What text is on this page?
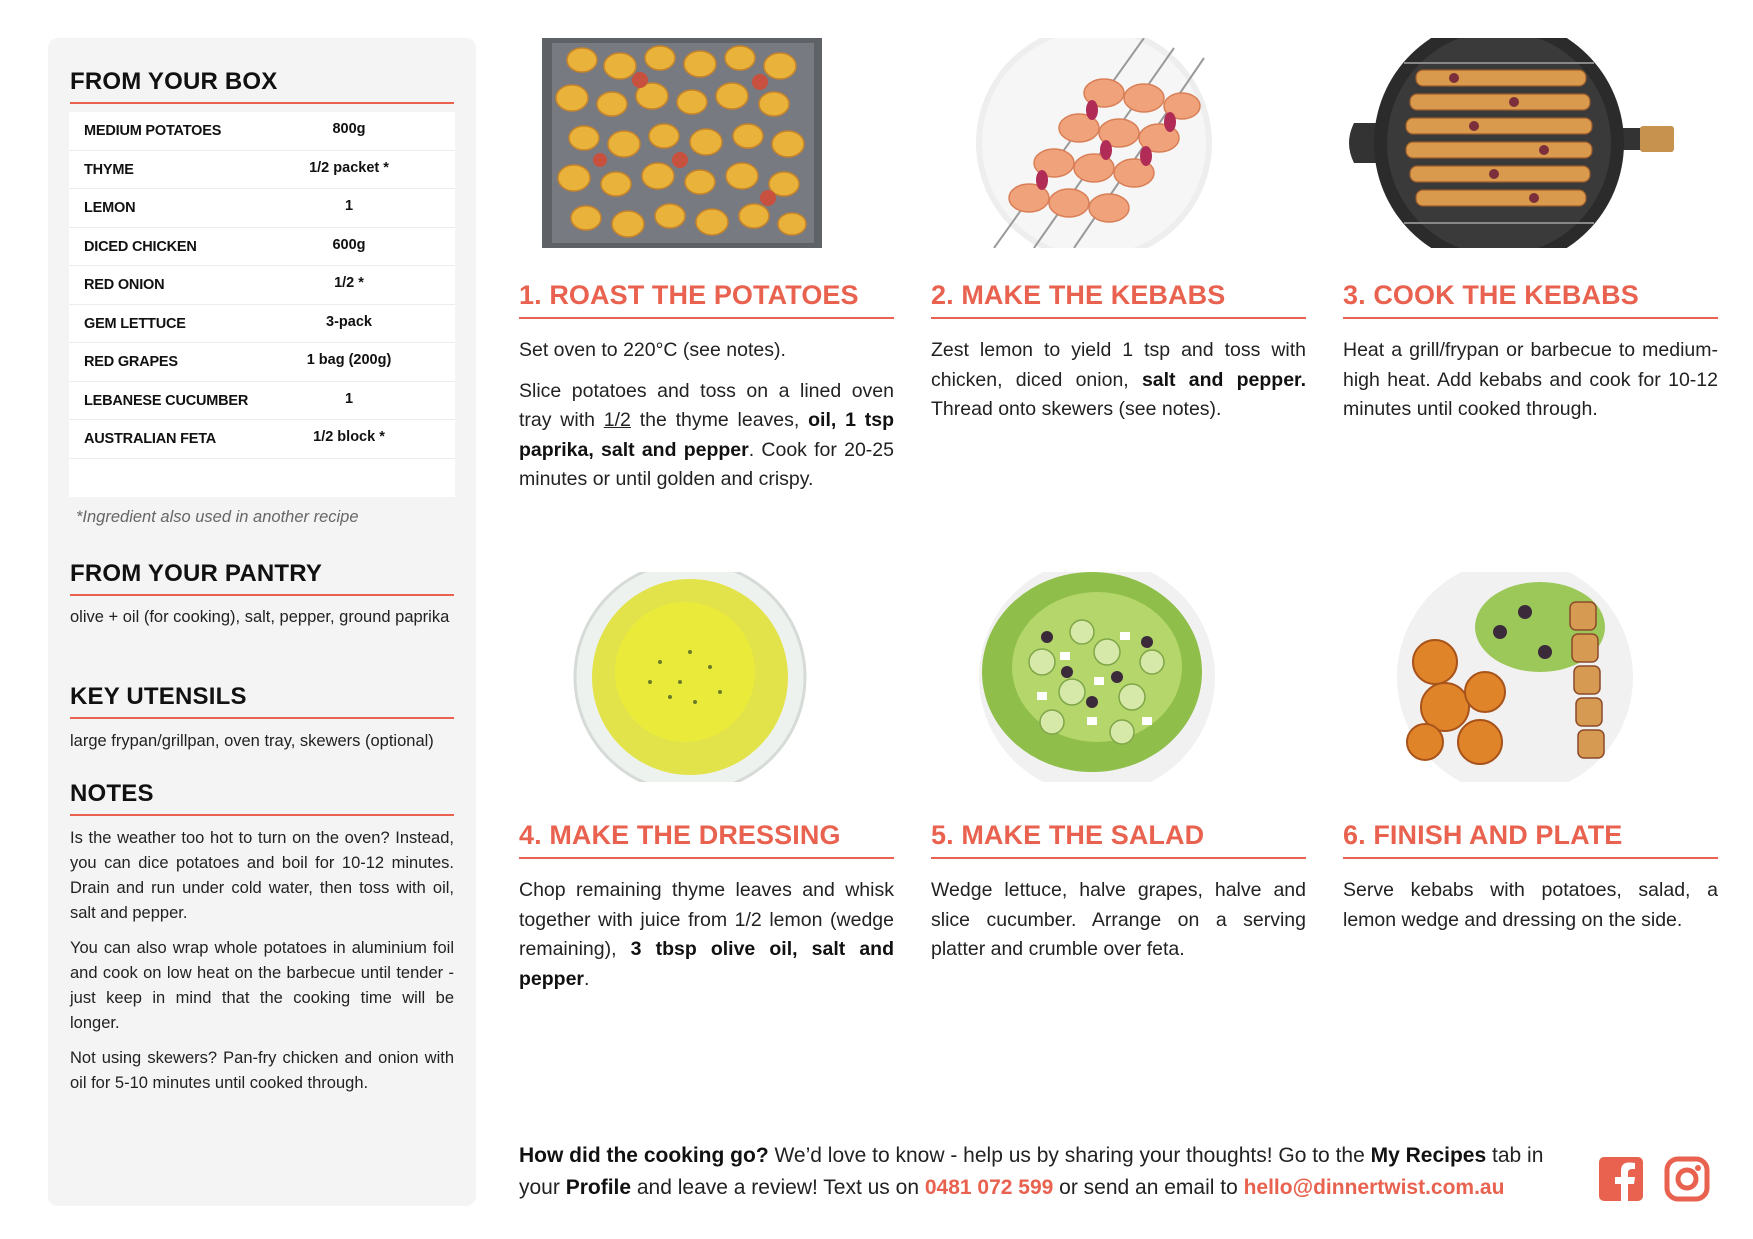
FROM YOUR BOX
MEDIUM POTATOES	800g
THYME	1/2 packet *
LEMON	1
DICED CHICKEN	600g
RED ONION	1/2 *
GEM LETTUCE	3-pack
RED GRAPES	1 bag (200g)
LEBANESE CUCUMBER	1
AUSTRALIAN FETA	1/2 block *
*Ingredient also used in another recipe
FROM YOUR PANTRY
olive + oil (for cooking), salt, pepper, ground paprika
KEY UTENSILS
large frypan/grillpan, oven tray, skewers (optional)
NOTES

Is the weather too hot to turn on the oven? Instead, you can dice potatoes and boil for 10-12 minutes. Drain and run under cold water, then toss with oil, salt and pepper.

You can also wrap whole potatoes in aluminium foil and cook on low heat on the barbecue until tender - just keep in mind that the cooking time will be longer.

Not using skewers? Pan-fry chicken and onion with oil for 5-10 minutes until cooked through.

1. ROAST THE POTATOES

Set oven to 220°C (see notes).

Slice potatoes and toss on a lined oven tray with 1/2 the thyme leaves, oil, 1 tsp paprika, salt and pepper. Cook for 20-25 minutes or until golden and crispy.

2. MAKE THE KEBABS

Zest lemon to yield 1 tsp and toss with chicken, diced onion, salt and pepper. Thread onto skewers (see notes).

3. COOK THE KEBABS

Heat a grill/frypan or barbecue to medium-high heat. Add kebabs and cook for 10-12 minutes until cooked through.

4. MAKE THE DRESSING

Chop remaining thyme leaves and whisk together with juice from 1/2 lemon (wedge remaining), 3 tbsp olive oil, salt and pepper.

5. MAKE THE SALAD

Wedge lettuce, halve grapes, halve and slice cucumber. Arrange on a serving platter and crumble over feta.

6. FINISH AND PLATE

Serve kebabs with potatoes, salad, a lemon wedge and dressing on the side.

How did the cooking go? We’d love to know - help us by sharing your thoughts! Go to the My Recipes tab in your Profile and leave a review! Text us on 0481 072 599 or send an email to hello@dinnertwist.com.au
